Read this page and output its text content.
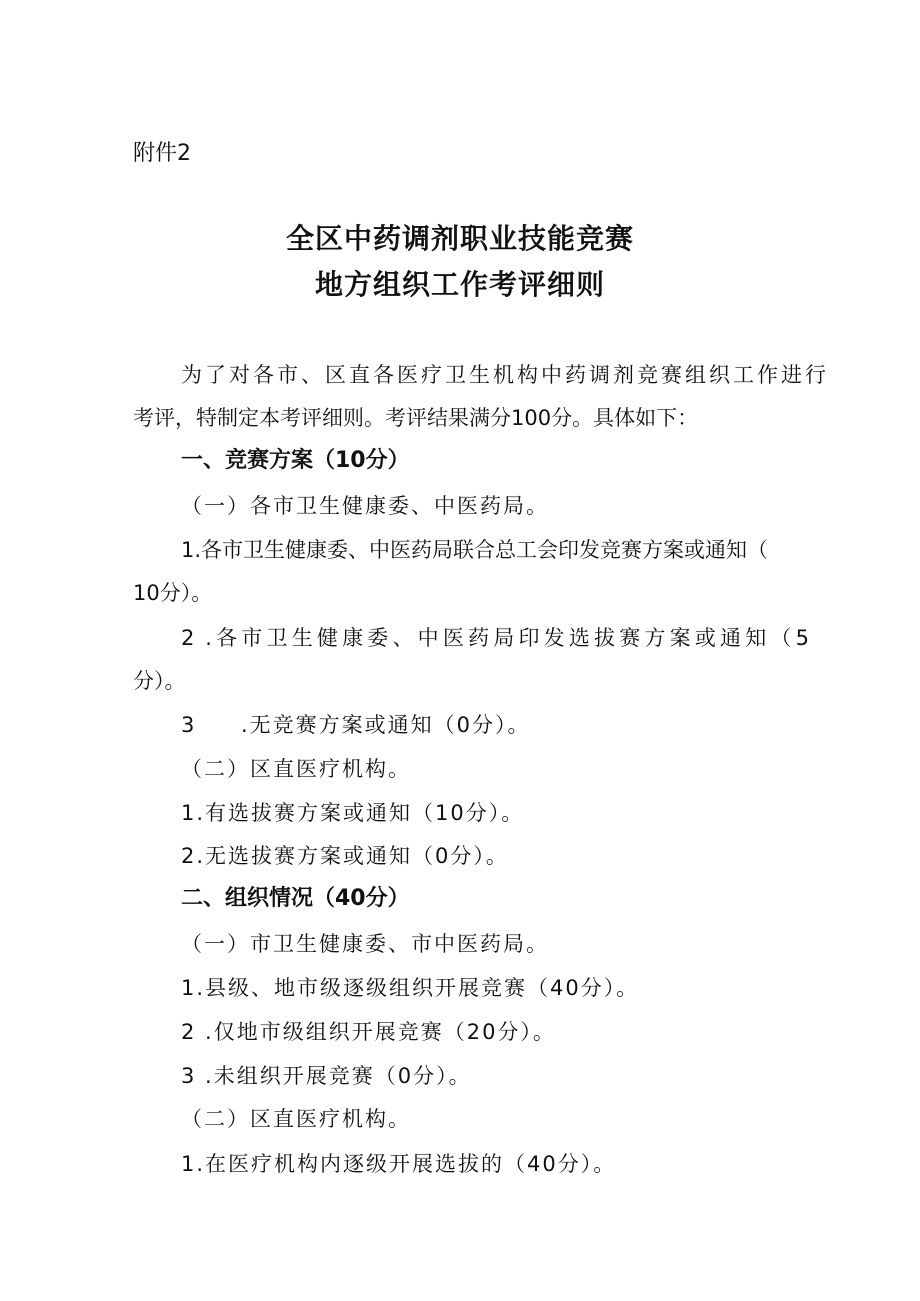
附件2
全区中药调剂职业技能竞赛
地方组织工作考评细则
为了对各市、区直各医疗卫生机构中药调剂竞赛组织工作进行
考评，特制定本考评细则。考评结果满分100分。具体如下：
一、竞赛方案（10分）
（一）各市卫生健康委、中医药局。
1.各市卫生健康委、中医药局联合总工会印发竞赛方案或通知（
10分）。
2 .各市卫生健康委、中医药局印发选拔赛方案或通知（5
分）。
3 .无竞赛方案或通知（0分）。
（二）区直医疗机构。
1.有选拔赛方案或通知（10分）。
2.无选拔赛方案或通知（0分）。
二、组织情况（40分）
（一）市卫生健康委、市中医药局。
1.县级、地市级逐级组织开展竞赛（40分）。
2 .仅地市级组织开展竞赛（20分）。
3 .未组织开展竞赛（0分）。
（二）区直医疗机构。
1.在医疗机构内逐级开展选拔的（40分）。
